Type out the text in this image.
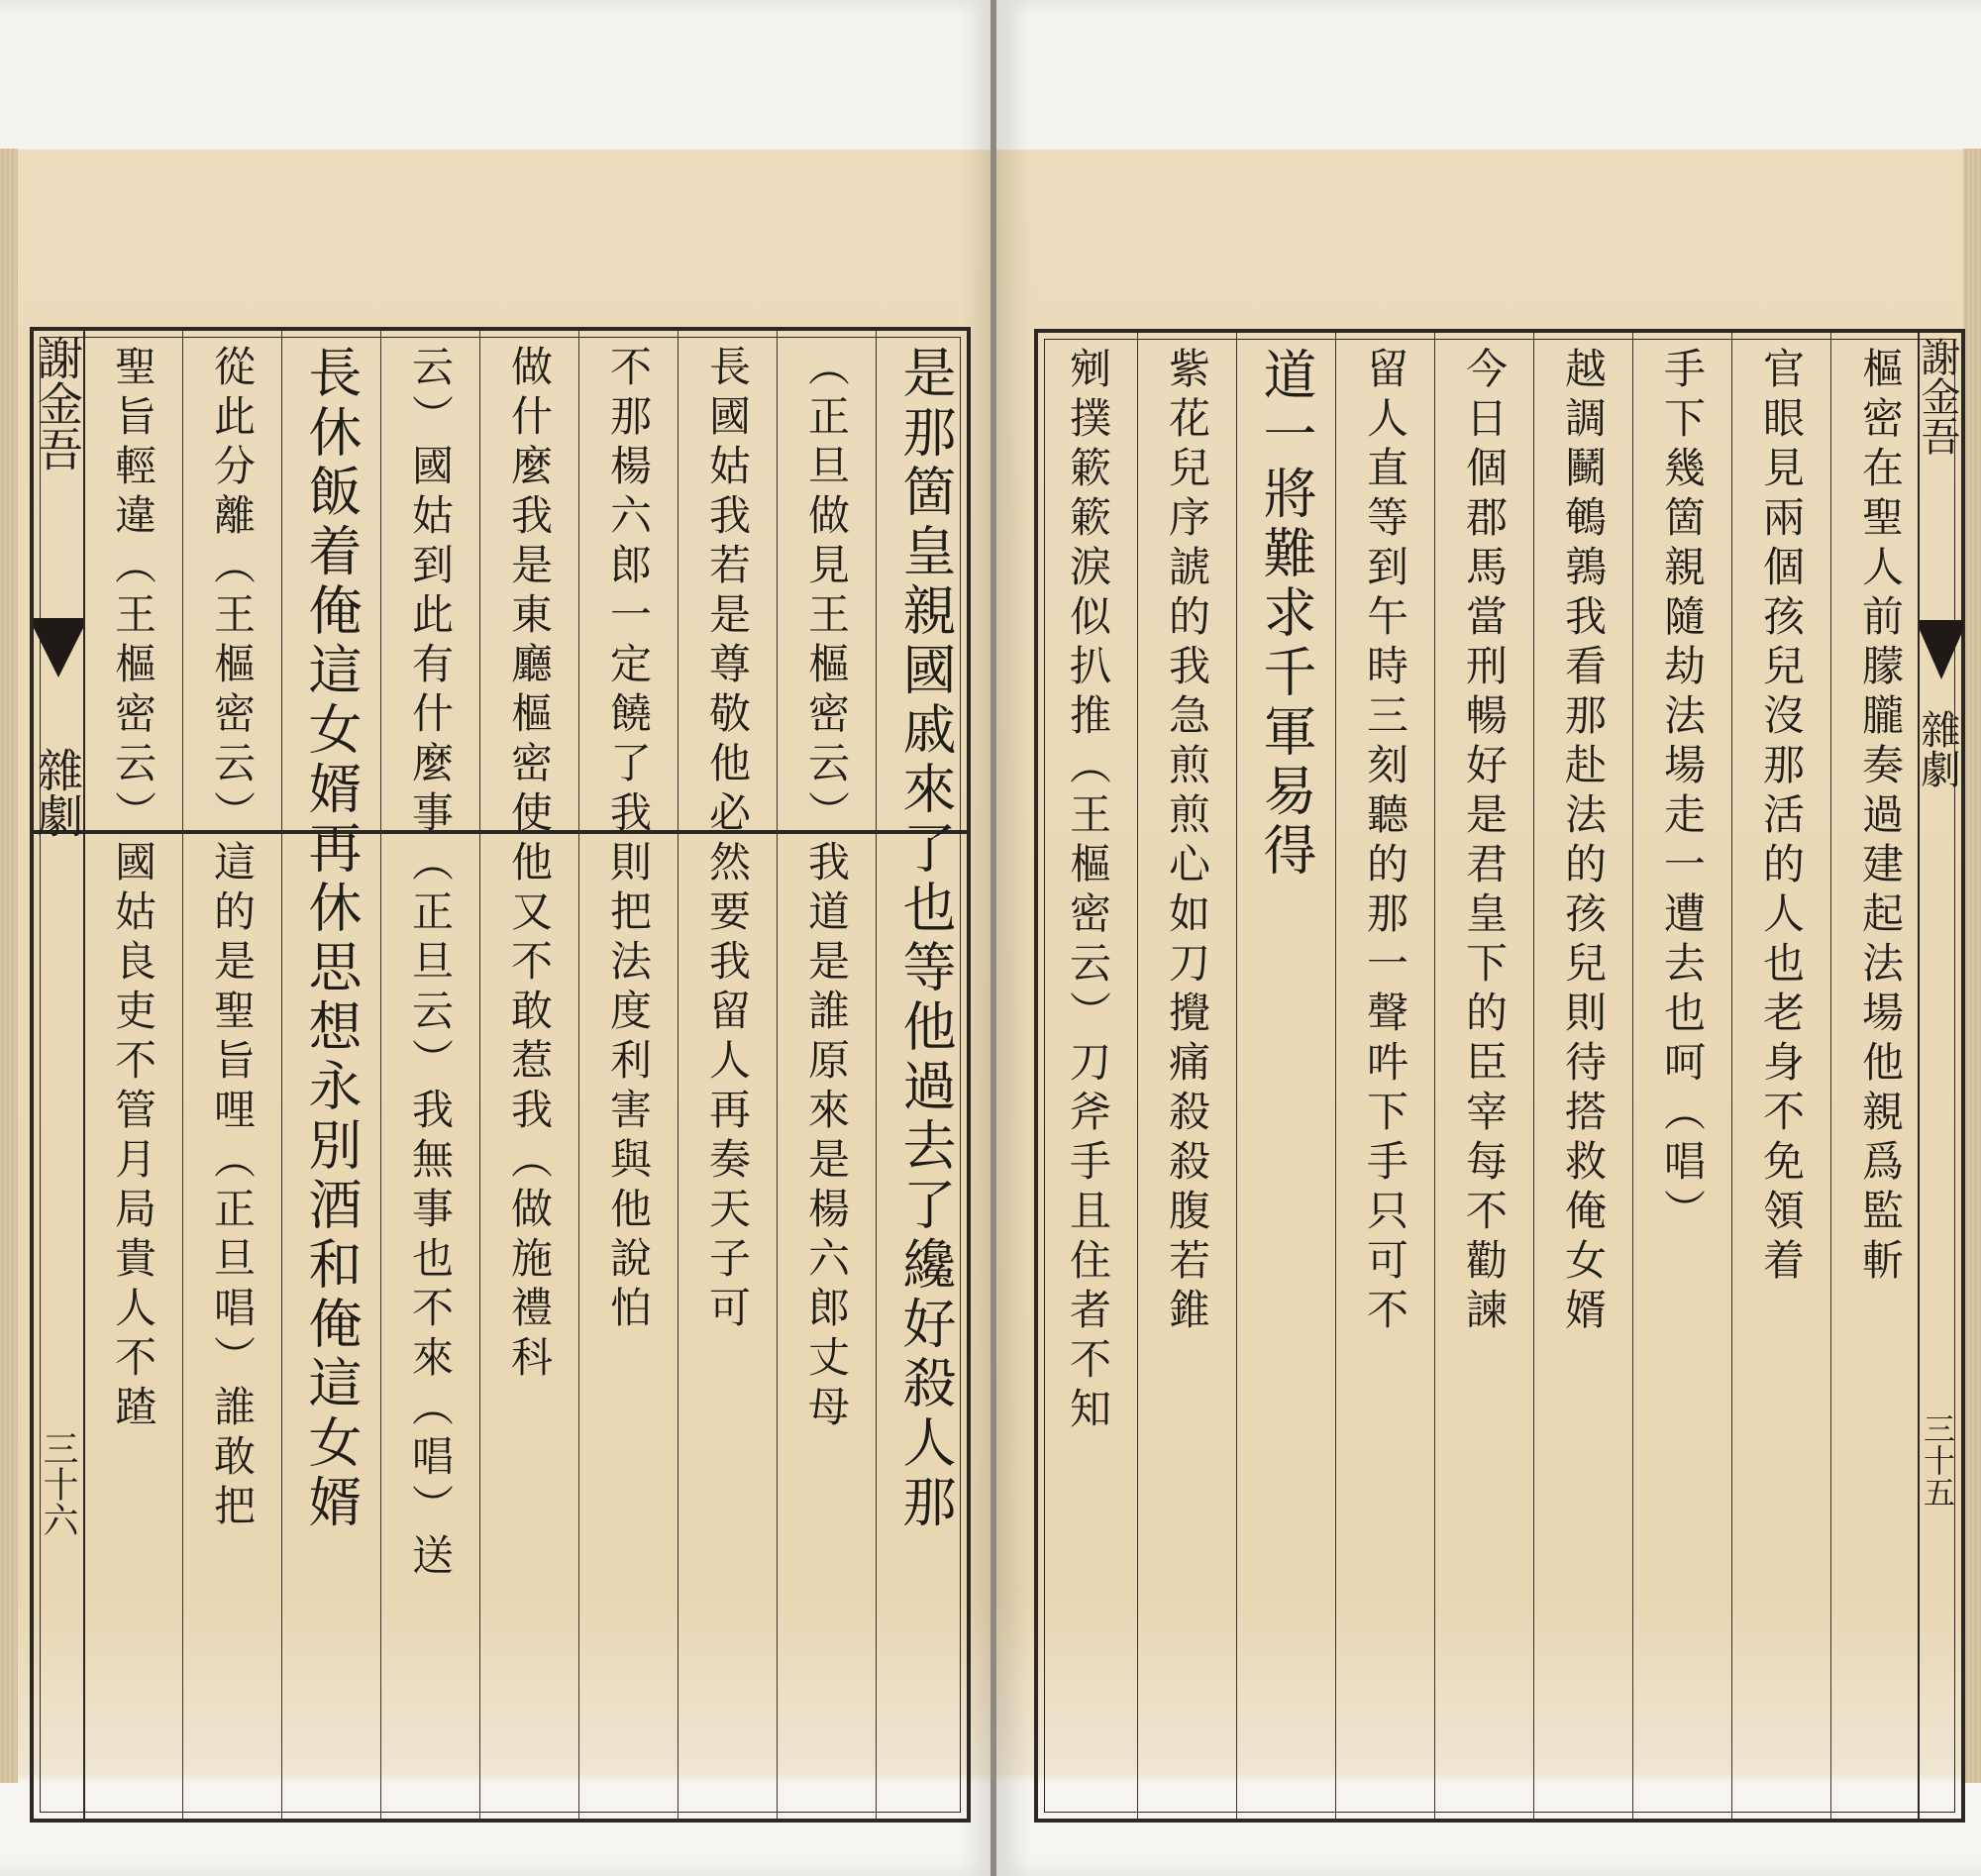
謝金吾
雜劇
三十六	是那箇皇親國戚來了也等他過去了纔好殺人那
（正旦做見王樞密云）我道是誰原來是楊六郎丈母
長國姑我若是尊敬他必然要我留人再奏天子可
不那楊六郎一定饒了我則把法度利害與他說怕
做什麼我是東廳樞密使他又不敢惹我（做施禮科
云）國姑到此有什麼事（正旦云）我無事也不來（唱）送
長休飯着俺這女婿再休思想永別酒和俺這女婿
從此分離（王樞密云）這的是聖旨哩（正旦唱）誰敢把
聖旨輕違（王樞密云）國姑良吏不管月局貴人不蹅	樞密在聖人前朦朧奏過建起法場他親爲監斬
官眼見兩個孩兒沒那活的人也老身不免領着
手下幾箇親隨劫法場走一遭去也呵（唱）
越調鬭鵪鶉我看那赴法的孩兒則待搭救俺女婿
今日個郡馬當刑暢好是君皇下的臣宰每不勸諫
留人直等到午時三刻聽的那一聲吽下手只可不
道一將難求千軍易得
紫花兒序諕的我急煎煎心如刀攪痛殺殺腹若錐
剜撲簌簌淚似扒推（王樞密云）刀斧手且住者不知	謝金吾
雜劇
三十五
